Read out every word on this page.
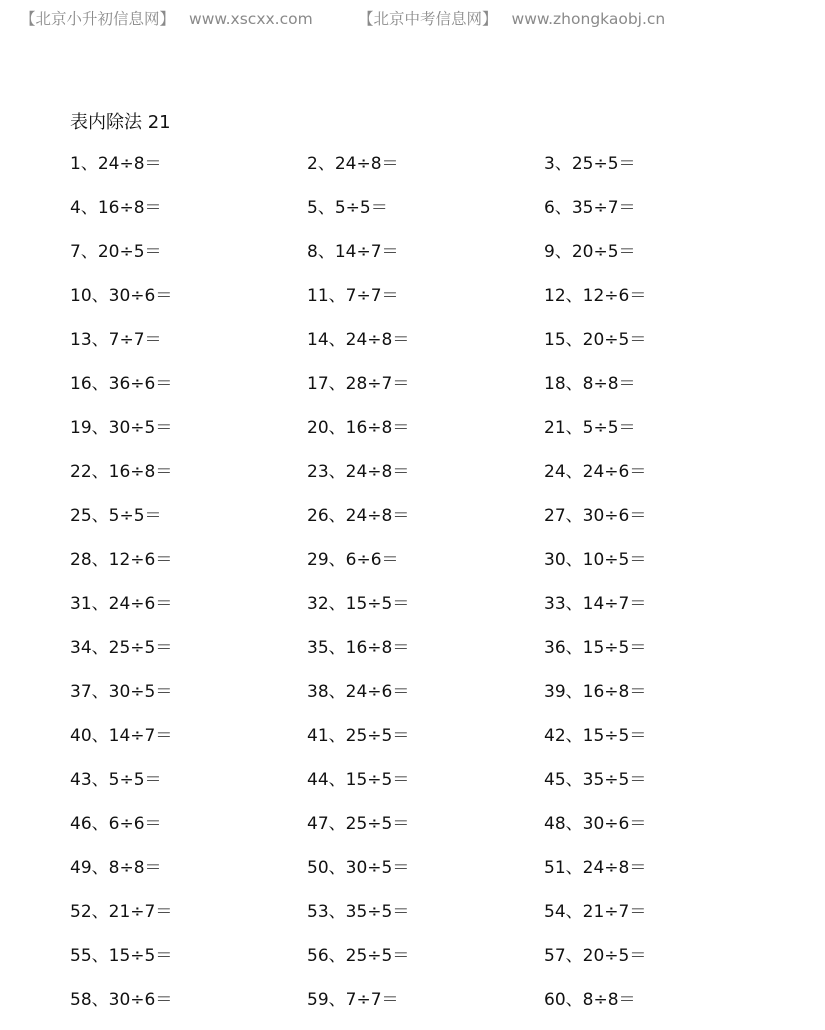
【北京小升初信息网】 www.xscxx.com	【北京中考信息网】 www.zhongkaobj.cn
表内除法 21
1、24÷8＝	2、24÷8＝	3、25÷5＝
4、16÷8＝	5、5÷5＝	6、35÷7＝
7、20÷5＝	8、14÷7＝	9、20÷5＝
10、30÷6＝	11、7÷7＝	12、12÷6＝
13、7÷7＝	14、24÷8＝	15、20÷5＝
16、36÷6＝	17、28÷7＝	18、8÷8＝
19、30÷5＝	20、16÷8＝	21、5÷5＝
22、16÷8＝	23、24÷8＝	24、24÷6＝
25、5÷5＝	26、24÷8＝	27、30÷6＝
28、12÷6＝	29、6÷6＝	30、10÷5＝
31、24÷6＝	32、15÷5＝	33、14÷7＝
34、25÷5＝	35、16÷8＝	36、15÷5＝
37、30÷5＝	38、24÷6＝	39、16÷8＝
40、14÷7＝	41、25÷5＝	42、15÷5＝
43、5÷5＝	44、15÷5＝	45、35÷5＝
46、6÷6＝	47、25÷5＝	48、30÷6＝
49、8÷8＝	50、30÷5＝	51、24÷8＝
52、21÷7＝	53、35÷5＝	54、21÷7＝
55、15÷5＝	56、25÷5＝	57、20÷5＝
58、30÷6＝	59、7÷7＝	60、8÷8＝
